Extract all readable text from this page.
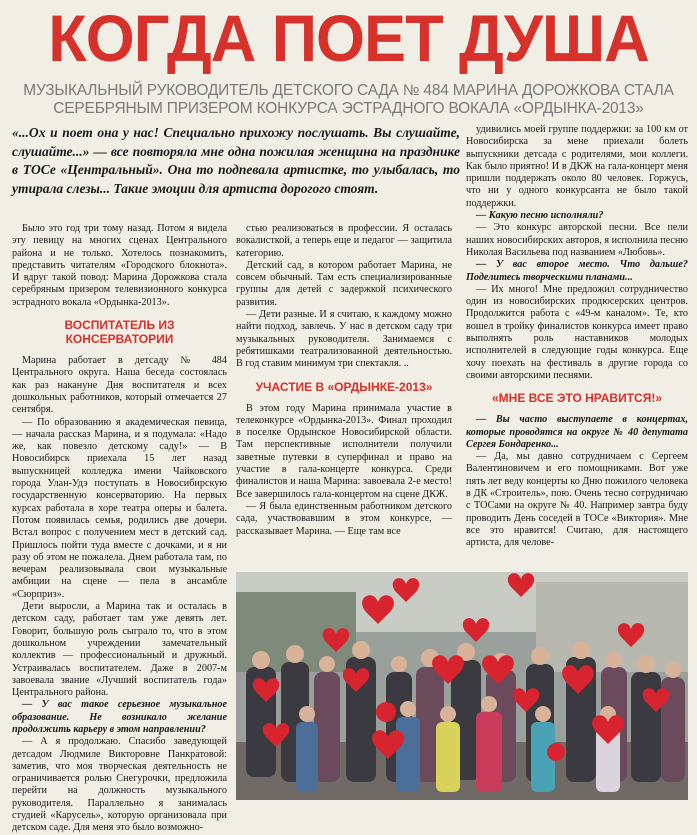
КОГДА ПОЕТ ДУША
МУЗЫКАЛЬНЫЙ РУКОВОДИТЕЛЬ ДЕТСКОГО САДА № 484 МАРИНА ДОРОЖКОВА СТАЛА
СЕРЕБРЯНЫМ ПРИЗЕРОМ КОНКУРСА ЭСТРАДНОГО ВОКАЛА «ОРДЫНКА-2013»
«...Ох и поет она у нас! Специально прихожу послушать. Вы слушайте, слушайте...» — все повторяла мне одна пожилая женщина на празднике в ТОСе «Центральный». Она то подпевала артистке, то улыбалась, то утирала слезы... Такие эмоции для артиста дорогого стоят.

Было это год три тому назад. Потом я видела эту певицу на многих сценах Центрального района и не только. Хотелось познакомить, представить читателям «Городского блокнота». И вдруг такой повод: Марина Дорожкова стала серебряным призером телевизионного конкурса эстрадного вокала «Ордынка-2013».

ВОСПИТАТЕЛЬ ИЗ КОНСЕРВАТОРИИ

Марина работает в детсаду № 484 Центрального округа. Наша беседа состоялась как раз накануне Дня воспитателя и всех дошкольных работников, который отмечается 27 сентября.

— По образованию я академическая певица, — начала рассказ Марина, и я подумала: «Надо же, как повезло детскому саду!» — В Новосибирск приехала 15 лет назад выпускницей колледжа имени Чайковского города Улан-Удэ поступать в Новосибирскую государственную консерваторию. На первых курсах работала в хоре театра оперы и балета. Потом появилась семья, родились две дочери. Встал вопрос с получением мест в детский сад. Пришлось пойти туда вместе с дочками, и я ни разу об этом не пожалела. Днем работала там, по вечерам реализовывала свои музыкальные амбиции на сцене — пела в ансамбле «Сюрприз».

Дети выросли, а Марина так и осталась в детском саду, работает там уже девять лет. Говорит, большую роль сыграло то, что в этом дошкольном учреждении замечательный коллектив — профессиональный и дружный. Устраивалась воспитателем. Даже в 2007-м завоевала звание «Лучший воспитатель года» Центрального района.

— У вас такое серьезное музыкальное образование. Не возникало желание продолжить карьеру в этом направлении?

— А я продолжаю. Спасибо заведующей детсадом Людмиле Викторовне Панкратовой: заметив, что моя творческая деятельность не ограничивается ролью Снегурочки, предложила перейти на должность музыкального руководителя. Параллельно я занималась студией «Карусель», которую организовала при детском саде. Для меня это было возможно-

стью реализоваться в профессии. Я осталась вокалисткой, а теперь еще и педагог — защитила категорию.

Детский сад, в котором работает Марина, не совсем обычный. Там есть специализированные группы для детей с задержкой психического развития.

— Дети разные. И я считаю, к каждому можно найти подход, завлечь. У нас в детском саду три музыкальных руководителя. Занимаемся с ребятишками театрализованной деятельностью. В год ставим минимум три спектакля. ..

УЧАСТИЕ В «ОРДЫНКЕ-2013»

В этом году Марина принимала участие в телеконкурсе «Ордынка-2013». Финал проходил в поселке Ордынское Новосибирской области. Там перспективные исполнители получили заветные путевки в суперфинал и право на участие в гала-концерте конкурса. Среди финалистов и наша Марина: завоевала 2-е место! Все завершилось гала-концертом на сцене ДКЖ.

— Я была единственным работником детского сада, участвовавшим в этом конкурсе, — рассказывает Марина. — Еще там все

удивились моей группе поддержки: за 100 км от Новосибирска за мене приехали болеть выпускники детсада с родителями, мои коллеги. Как было приятно! И в ДКЖ на гала-концерт меня пришли поддержать около 80 человек. Горжусь, что ни у одного конкурсанта не было такой поддержки.

— Какую песню исполняли?

— Это конкурс авторской песни. Все пели наших новосибирских авторов, я исполнила песню Николая Васильева под названием «Любовь».

— У вас второе место. Что дальше? Поделитесь творческими планами...

— Их много! Мне предложил сотрудничество один из новосибирских продюсерских центров. Продолжится работа с «49-м каналом». Те, кто вошел в тройку финалистов конкурса имеет право выполнять роль наставников молодых исполнителей в следующие годы конкурса. Еще хочу поехать на фестиваль в другие города со своими авторскими песнями.

«МНЕ ВСЕ ЭТО НРАВИТСЯ!»

— Вы часто выступаете в концертах, которые проводятся на округе № 40 депутата Сергея Бондаренко...

— Да, мы давно сотрудничаем с Сергеем Валентиновичем и его помощниками. Вот уже пять лет веду концерты ко Дню пожилого человека в ДК «Строитель», пою. Очень тесно сотрудничаю с ТОСами на округе № 40. Например завтра буду проводить День соседей в ТОСе «Виктория». Мне все это нравится! Считаю, для настоящего артиста, для челове-
